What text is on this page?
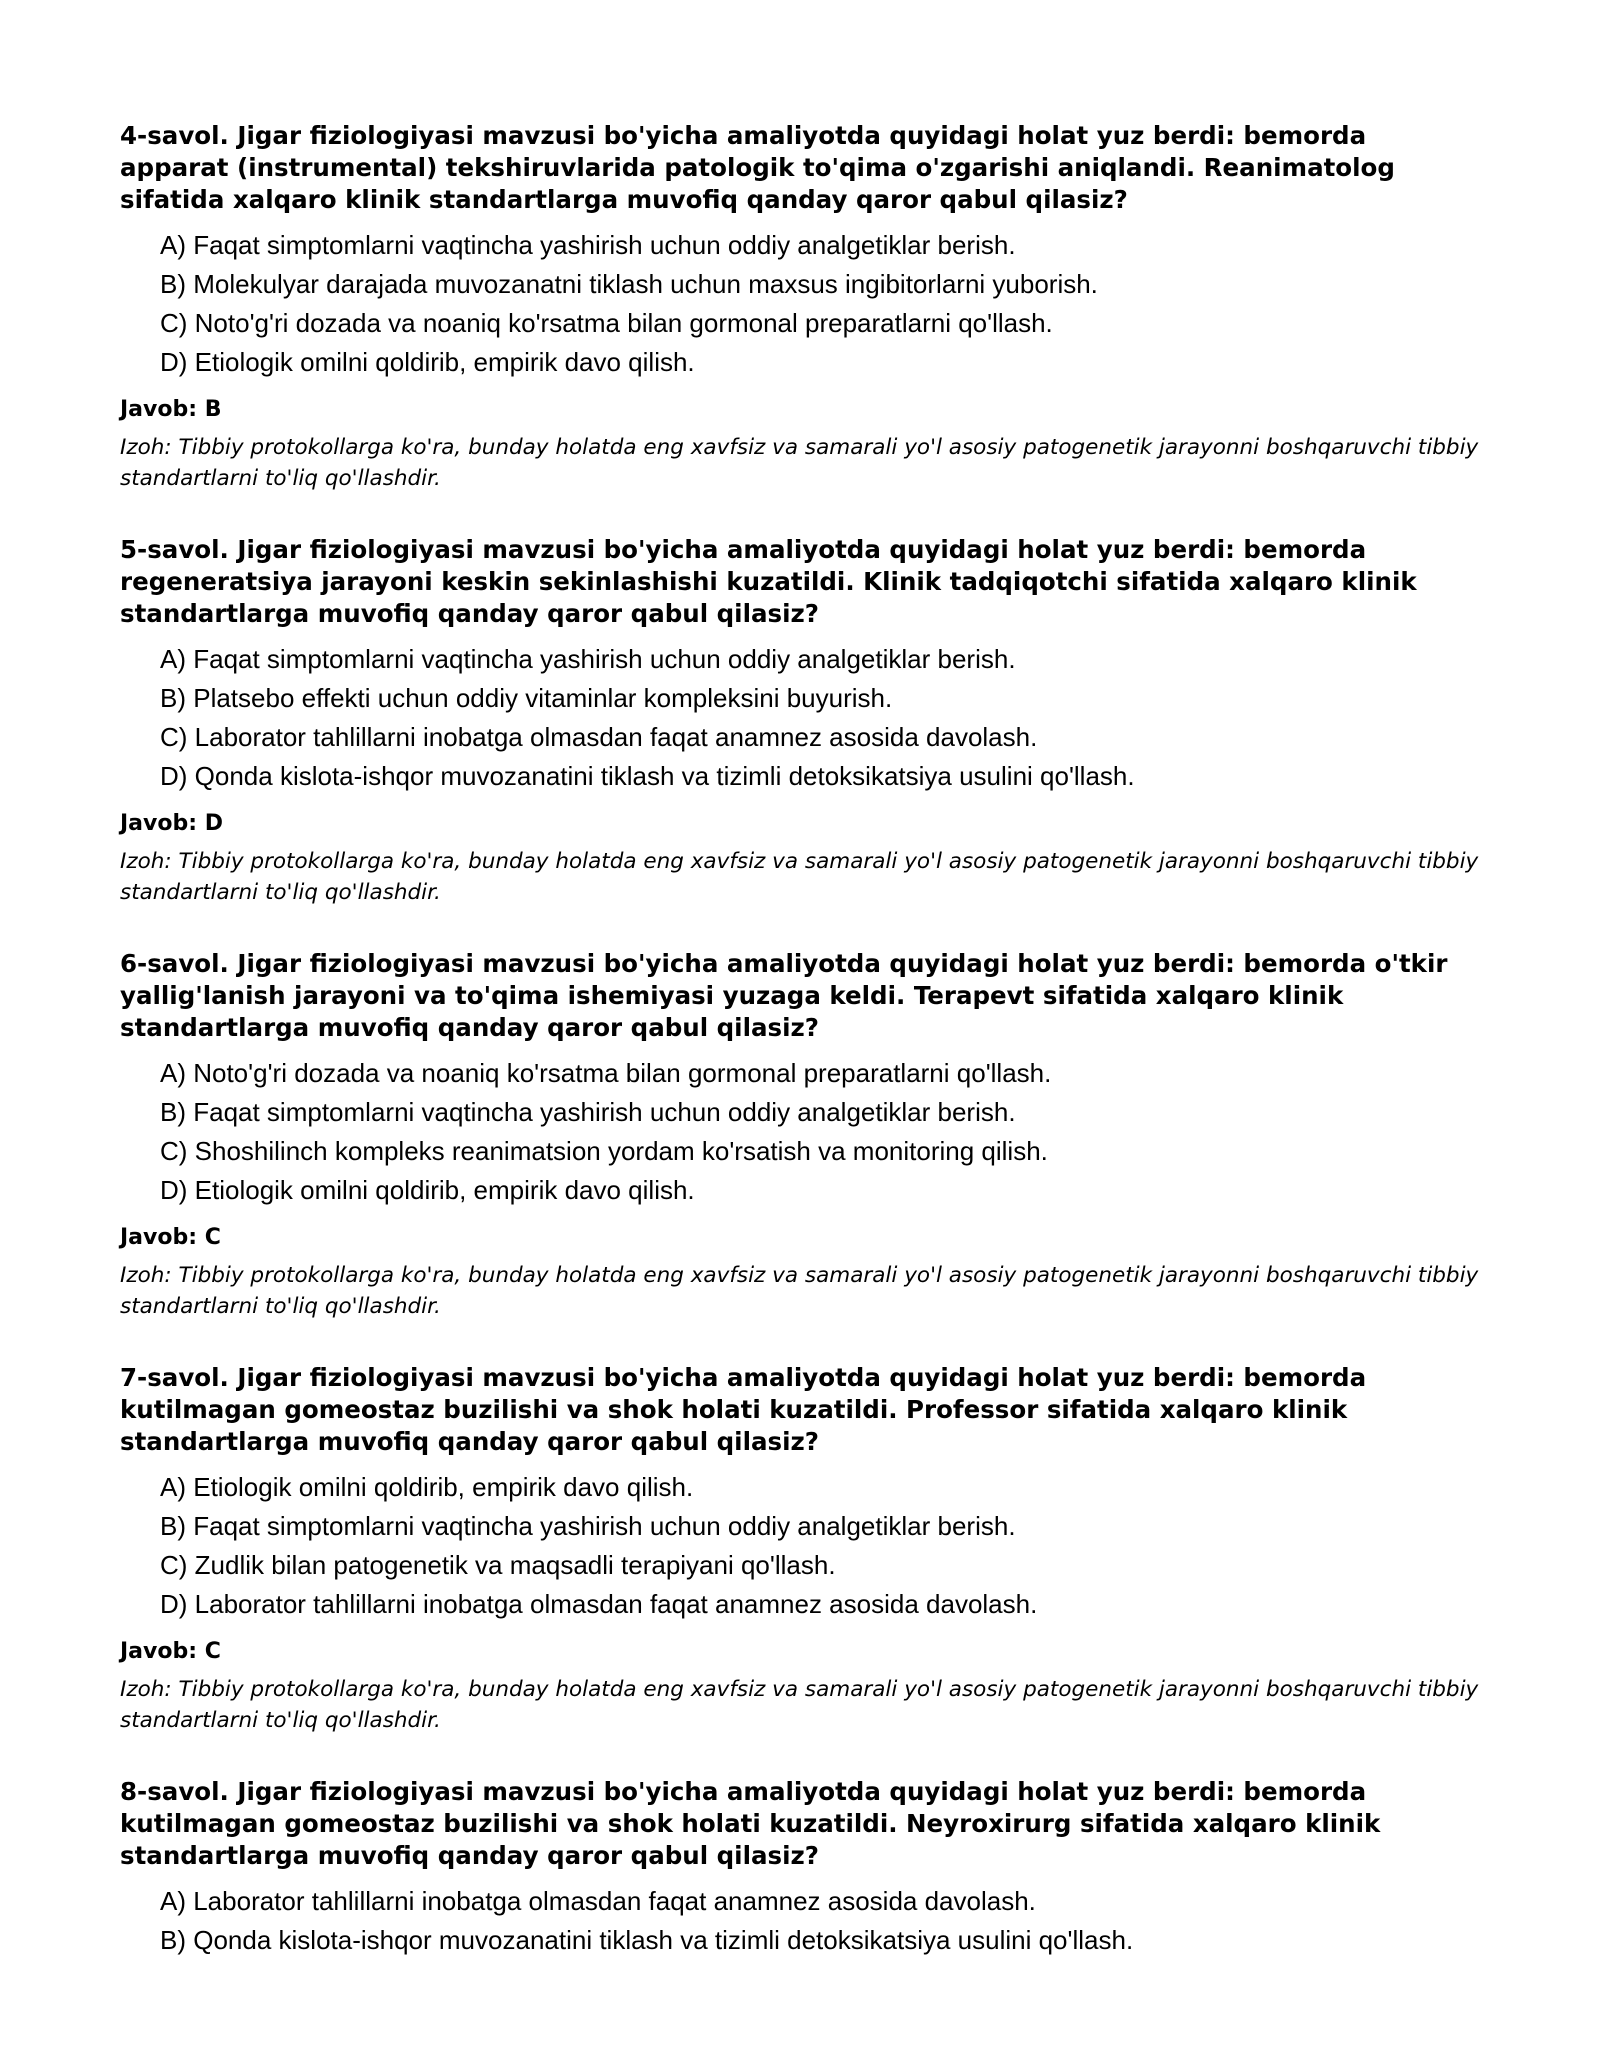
4-savol. Jigar fiziologiyasi mavzusi bo'yicha amaliyotda quyidagi holat yuz berdi: bemorda apparat (instrumental) tekshiruvlarida patologik to'qima o'zgarishi aniqlandi. Reanimatolog sifatida xalqaro klinik standartlarga muvofiq qanday qaror qabul qilasiz?

A) Faqat simptomlarni vaqtincha yashirish uchun oddiy analgetiklar berish.
B) Molekulyar darajada muvozanatni tiklash uchun maxsus ingibitorlarni yuborish.
C) Noto'g'ri dozada va noaniq ko'rsatma bilan gormonal preparatlarni qo'llash.
D) Etiologik omilni qoldirib, empirik davo qilish.

Javob: B

Izoh: Tibbiy protokollarga ko'ra, bunday holatda eng xavfsiz va samarali yo'l asosiy patogenetik jarayonni boshqaruvchi tibbiy standartlarni to'liq qo'llashdir.

5-savol. Jigar fiziologiyasi mavzusi bo'yicha amaliyotda quyidagi holat yuz berdi: bemorda regeneratsiya jarayoni keskin sekinlashishi kuzatildi. Klinik tadqiqotchi sifatida xalqaro klinik standartlarga muvofiq qanday qaror qabul qilasiz?

A) Faqat simptomlarni vaqtincha yashirish uchun oddiy analgetiklar berish.
B) Platsebo effekti uchun oddiy vitaminlar kompleksini buyurish.
C) Laborator tahlillarni inobatga olmasdan faqat anamnez asosida davolash.
D) Qonda kislota-ishqor muvozanatini tiklash va tizimli detoksikatsiya usulini qo'llash.

Javob: D

Izoh: Tibbiy protokollarga ko'ra, bunday holatda eng xavfsiz va samarali yo'l asosiy patogenetik jarayonni boshqaruvchi tibbiy standartlarni to'liq qo'llashdir.

6-savol. Jigar fiziologiyasi mavzusi bo'yicha amaliyotda quyidagi holat yuz berdi: bemorda o'tkir yallig'lanish jarayoni va to'qima ishemiyasi yuzaga keldi. Terapevt sifatida xalqaro klinik standartlarga muvofiq qanday qaror qabul qilasiz?

A) Noto'g'ri dozada va noaniq ko'rsatma bilan gormonal preparatlarni qo'llash.
B) Faqat simptomlarni vaqtincha yashirish uchun oddiy analgetiklar berish.
C) Shoshilinch kompleks reanimatsion yordam ko'rsatish va monitoring qilish.
D) Etiologik omilni qoldirib, empirik davo qilish.

Javob: C

Izoh: Tibbiy protokollarga ko'ra, bunday holatda eng xavfsiz va samarali yo'l asosiy patogenetik jarayonni boshqaruvchi tibbiy standartlarni to'liq qo'llashdir.

7-savol. Jigar fiziologiyasi mavzusi bo'yicha amaliyotda quyidagi holat yuz berdi: bemorda kutilmagan gomeostaz buzilishi va shok holati kuzatildi. Professor sifatida xalqaro klinik standartlarga muvofiq qanday qaror qabul qilasiz?

A) Etiologik omilni qoldirib, empirik davo qilish.
B) Faqat simptomlarni vaqtincha yashirish uchun oddiy analgetiklar berish.
C) Zudlik bilan patogenetik va maqsadli terapiyani qo'llash.
D) Laborator tahlillarni inobatga olmasdan faqat anamnez asosida davolash.

Javob: C

Izoh: Tibbiy protokollarga ko'ra, bunday holatda eng xavfsiz va samarali yo'l asosiy patogenetik jarayonni boshqaruvchi tibbiy standartlarni to'liq qo'llashdir.

8-savol. Jigar fiziologiyasi mavzusi bo'yicha amaliyotda quyidagi holat yuz berdi: bemorda kutilmagan gomeostaz buzilishi va shok holati kuzatildi. Neyroxirurg sifatida xalqaro klinik standartlarga muvofiq qanday qaror qabul qilasiz?

A) Laborator tahlillarni inobatga olmasdan faqat anamnez asosida davolash.
B) Qonda kislota-ishqor muvozanatini tiklash va tizimli detoksikatsiya usulini qo'llash.
